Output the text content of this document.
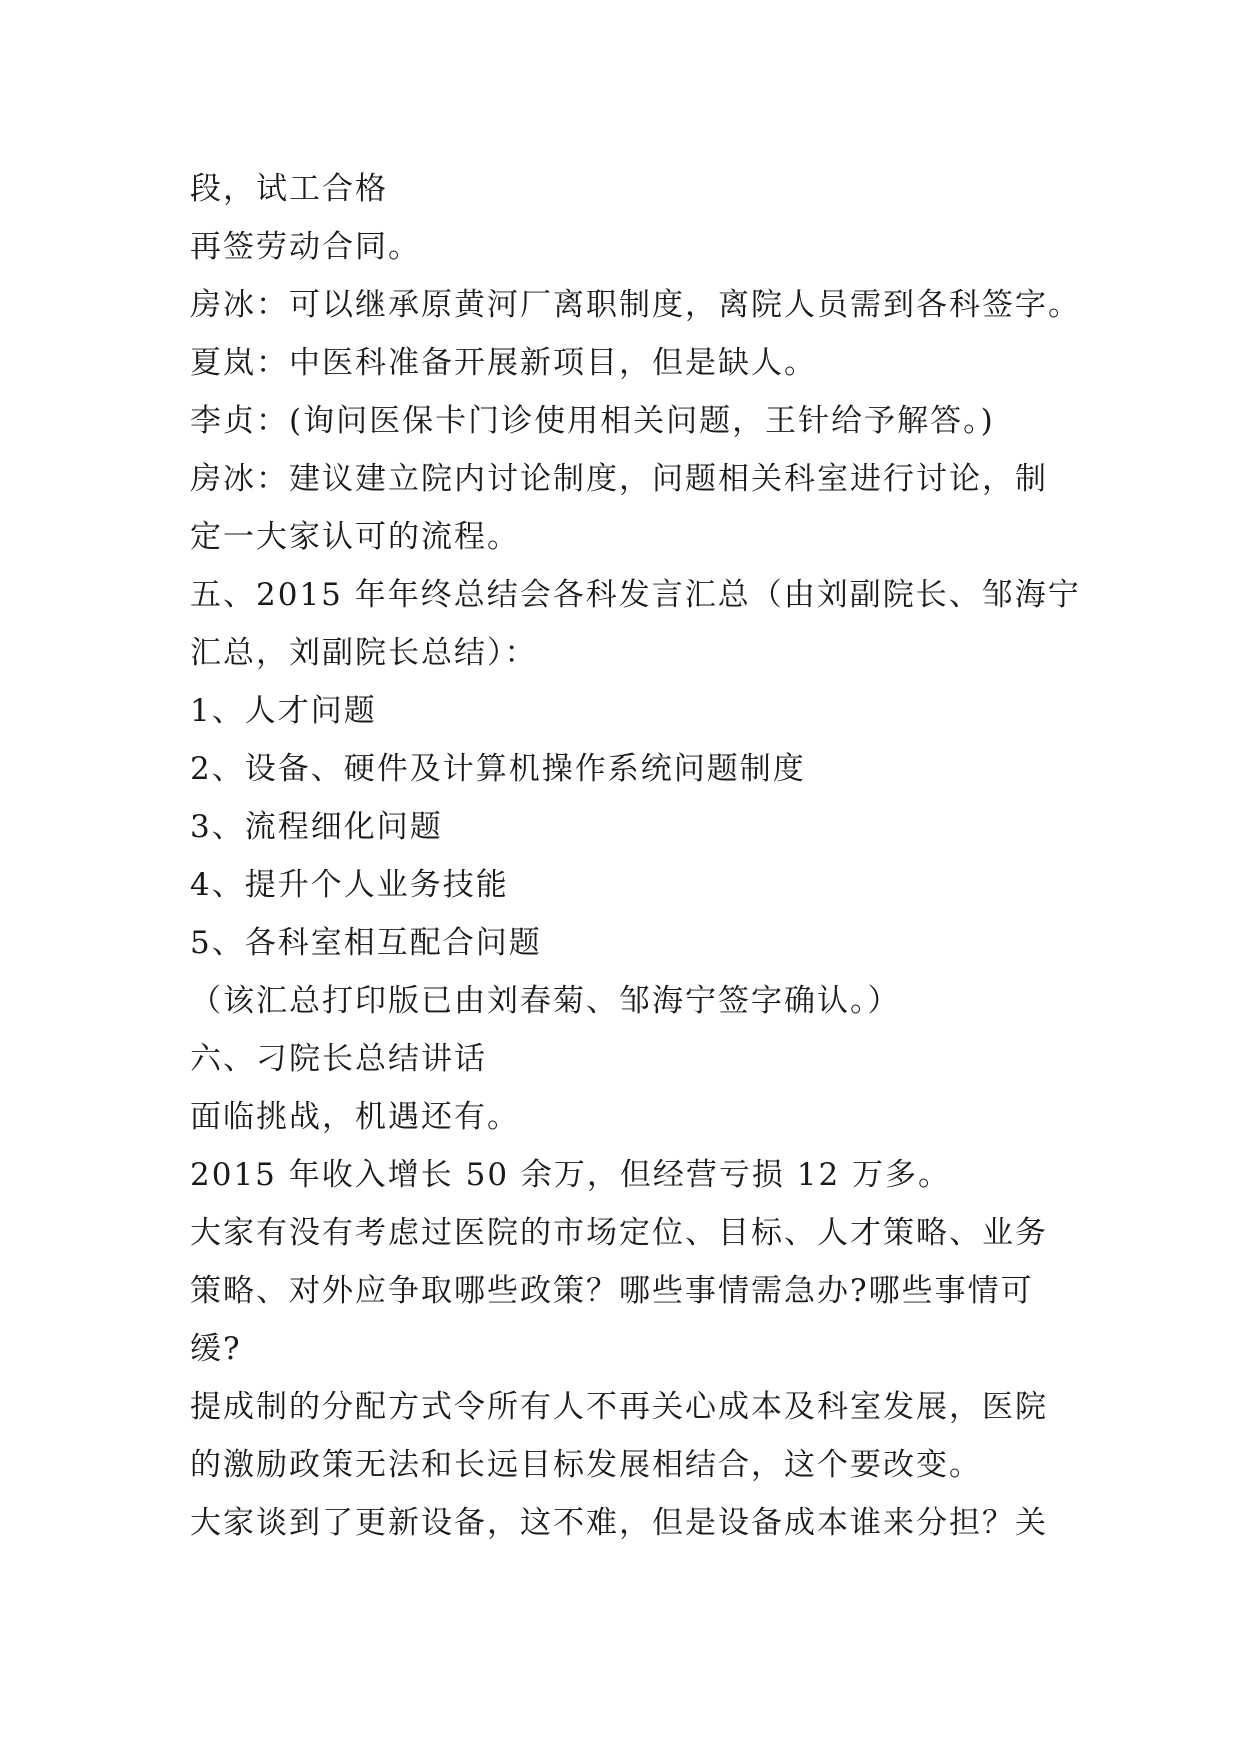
段，试工合格
再签劳动合同。
房冰：可以继承原黄河厂离职制度，离院人员需到各科签字。
夏岚：中医科准备开展新项目，但是缺人。
李贞：(询问医保卡门诊使用相关问题，王针给予解答。)
房冰：建议建立院内讨论制度，问题相关科室进行讨论，制
定一大家认可的流程。
五、2015 年年终总结会各科发言汇总（由刘副院长、邹海宁
汇总，刘副院长总结）：
1、人才问题
2、设备、硬件及计算机操作系统问题制度
3、流程细化问题
4、提升个人业务技能
5、各科室相互配合问题
（该汇总打印版已由刘春菊、邹海宁签字确认。）
六、刁院长总结讲话
面临挑战，机遇还有。
2015 年收入增长 50 余万，但经营亏损 12 万多。
大家有没有考虑过医院的市场定位、目标、人才策略、业务
策略、对外应争取哪些政策？哪些事情需急办?哪些事情可
缓?
提成制的分配方式令所有人不再关心成本及科室发展，医院
的激励政策无法和长远目标发展相结合，这个要改变。
大家谈到了更新设备，这不难，但是设备成本谁来分担？关
